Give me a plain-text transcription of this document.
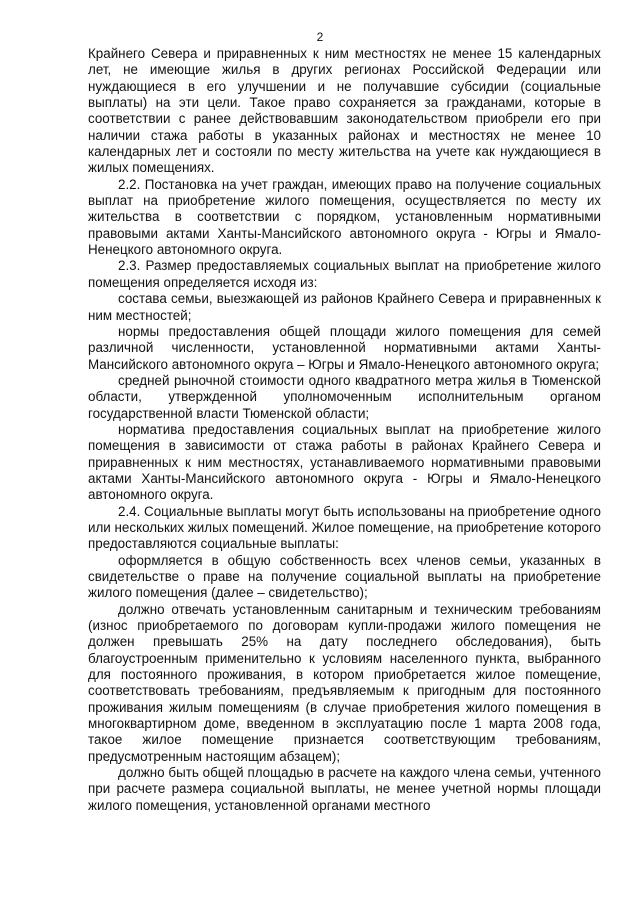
2

Крайнего Севера и приравненных к ним местностях не менее 15 календарных лет, не имеющие жилья в других регионах Российской Федерации или нуждающиеся в его улучшении и не получавшие субсидии (социальные выплаты) на эти цели. Такое право сохраняется за гражданами, которые в соответствии с ранее действовавшим законодательством приобрели его при наличии стажа работы в указанных районах и местностях не менее 10 календарных лет и состояли по месту жительства на учете как нуждающиеся в жилых помещениях.

2.2. Постановка на учет граждан, имеющих право на получение социальных выплат на приобретение жилого помещения, осуществляется по месту их жительства в соответствии с порядком, установленным нормативными правовыми актами Ханты-Мансийского автономного округа - Югры и Ямало-Ненецкого автономного округа.

2.3. Размер предоставляемых социальных выплат на приобретение жилого помещения определяется исходя из:

состава семьи, выезжающей из районов Крайнего Севера и приравненных к ним местностей;

нормы предоставления общей площади жилого помещения для семей различной численности, установленной нормативными актами Ханты-Мансийского автономного округа – Югры и Ямало-Ненецкого автономного округа;

средней рыночной стоимости одного квадратного метра жилья в Тюменской области, утвержденной уполномоченным исполнительным органом государственной власти Тюменской области;

норматива предоставления социальных выплат на приобретение жилого помещения в зависимости от стажа работы в районах Крайнего Севера и приравненных к ним местностях, устанавливаемого нормативными правовыми актами Ханты-Мансийского автономного округа - Югры и Ямало-Ненецкого автономного округа.

2.4. Социальные выплаты могут быть использованы на приобретение одного или нескольких жилых помещений. Жилое помещение, на приобретение которого предоставляются социальные выплаты:

оформляется в общую собственность всех членов семьи, указанных в свидетельстве о праве на получение социальной выплаты на приобретение жилого помещения (далее – свидетельство);

должно отвечать установленным санитарным и техническим требованиям (износ приобретаемого по договорам купли-продажи жилого помещения не должен превышать 25% на дату последнего обследования), быть благоустроенным применительно к условиям населенного пункта, выбранного для постоянного проживания, в котором приобретается жилое помещение, соответствовать требованиям, предъявляемым к пригодным для постоянного проживания жилым помещениям (в случае приобретения жилого помещения в многоквартирном доме, введенном в эксплуатацию после 1 марта 2008 года, такое жилое помещение признается соответствующим требованиям, предусмотренным настоящим абзацем);

должно быть общей площадью в расчете на каждого члена семьи, учтенного при расчете размера социальной выплаты, не менее учетной нормы площади жилого помещения, установленной органами местного
